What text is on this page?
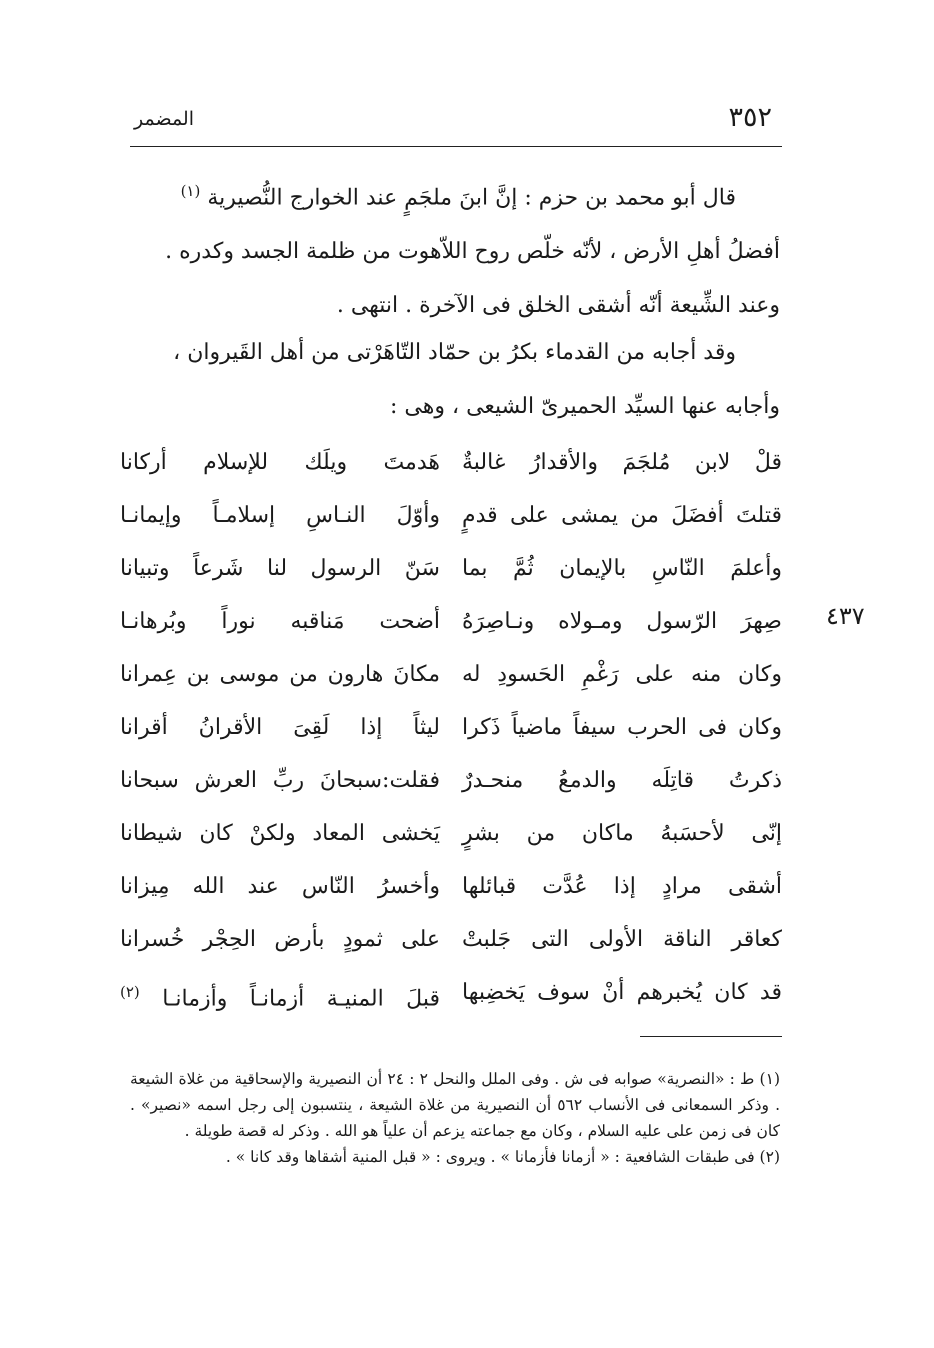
٣٥٢
المضمر

قال أبو محمد بن حزم : إنَّ ابنَ ملجَمٍ عند الخوارج النُّصيرية $^{(١)}$

أفضلُ أهلِ الأرض ، لأنّه خلّص روح اللاّهوت من ظلمة الجسد وكدره .

وعند الشِّيعة أنّه أشقى الخلق فى الآخرة . انتهى .

وقد أجابه من القدماء بكرُ بن حمّاد التّاهَرْتى من أهل القَيروان ،

وأجابه عنها السيِّد الحميرىّ الشيعى ، وهى :

٤٣٧
قلْ لابن مُلجَمَ والأقدارُ غالبةٌ
هَدمتَ ويلَك للإسلام أركانا
قتلتَ أفضَلَ من يمشى على قدمٍ
وأوّلَ النـاسِ إسلامـاً وإيمانـا
وأعلمَ النّاسِ بالإيمان ثُمَّ بما
سَنّ الرسول لنا شَرعاً وتبيانا
صِهرَ الرّسول ومـولاه ونـاصِرَهُ
أضحت مَناقبه نوراً وبُرهانـا
وكان منه على رَغْمِ الحَسودِ له
مكانَ هارون من موسى بن عِمرانا
وكان فى الحرب سيفاً ماضياً ذَكرا
ليثاً إذا لَقِىَ الأقرانُ أقرانا
ذكرتُ قاتِلَه والدمعُ منحـدرٌ
فقلت:سبحانَ ربِّ العرش سبحانا
إنّى لأحسَبهُ ماكان من بشرٍ
يَخشى المعاد ولكنْ كان شيطانا
أشقى مرادٍ إذا عُدَّت قبائلها
وأخسرُ النّاس عند الله مِيزانا
كعاقر الناقة الأولى التى جَلبتْ
على ثمودٍ بأرض الحِجْر خُسرانا
قد كان يُخبرهم أنْ سوف يَخضِبها
قبلَ المنيـة أزمانـاً وأزمانـا $^{(٢)}$

(١) ط : «النصرية» صوابه فى ش . وفى الملل والنحل ٢ : ٢٤ أن النصيرية والإسحاقية من غلاة الشيعة . وذكر السمعانى فى الأنساب ٥٦٢ أن النصيرية من غلاة الشيعة ، ينتسبون إلى رجل اسمه «نصير» . كان فى زمن على عليه السلام ، وكان مع جماعته يزعم أن علياً هو الله . وذكر له قصة طويلة .

(٢) فى طبقات الشافعية : « أزمانا فأزمانا » . ويروى : « قبل المنية أشقاها وقد كانا » .
